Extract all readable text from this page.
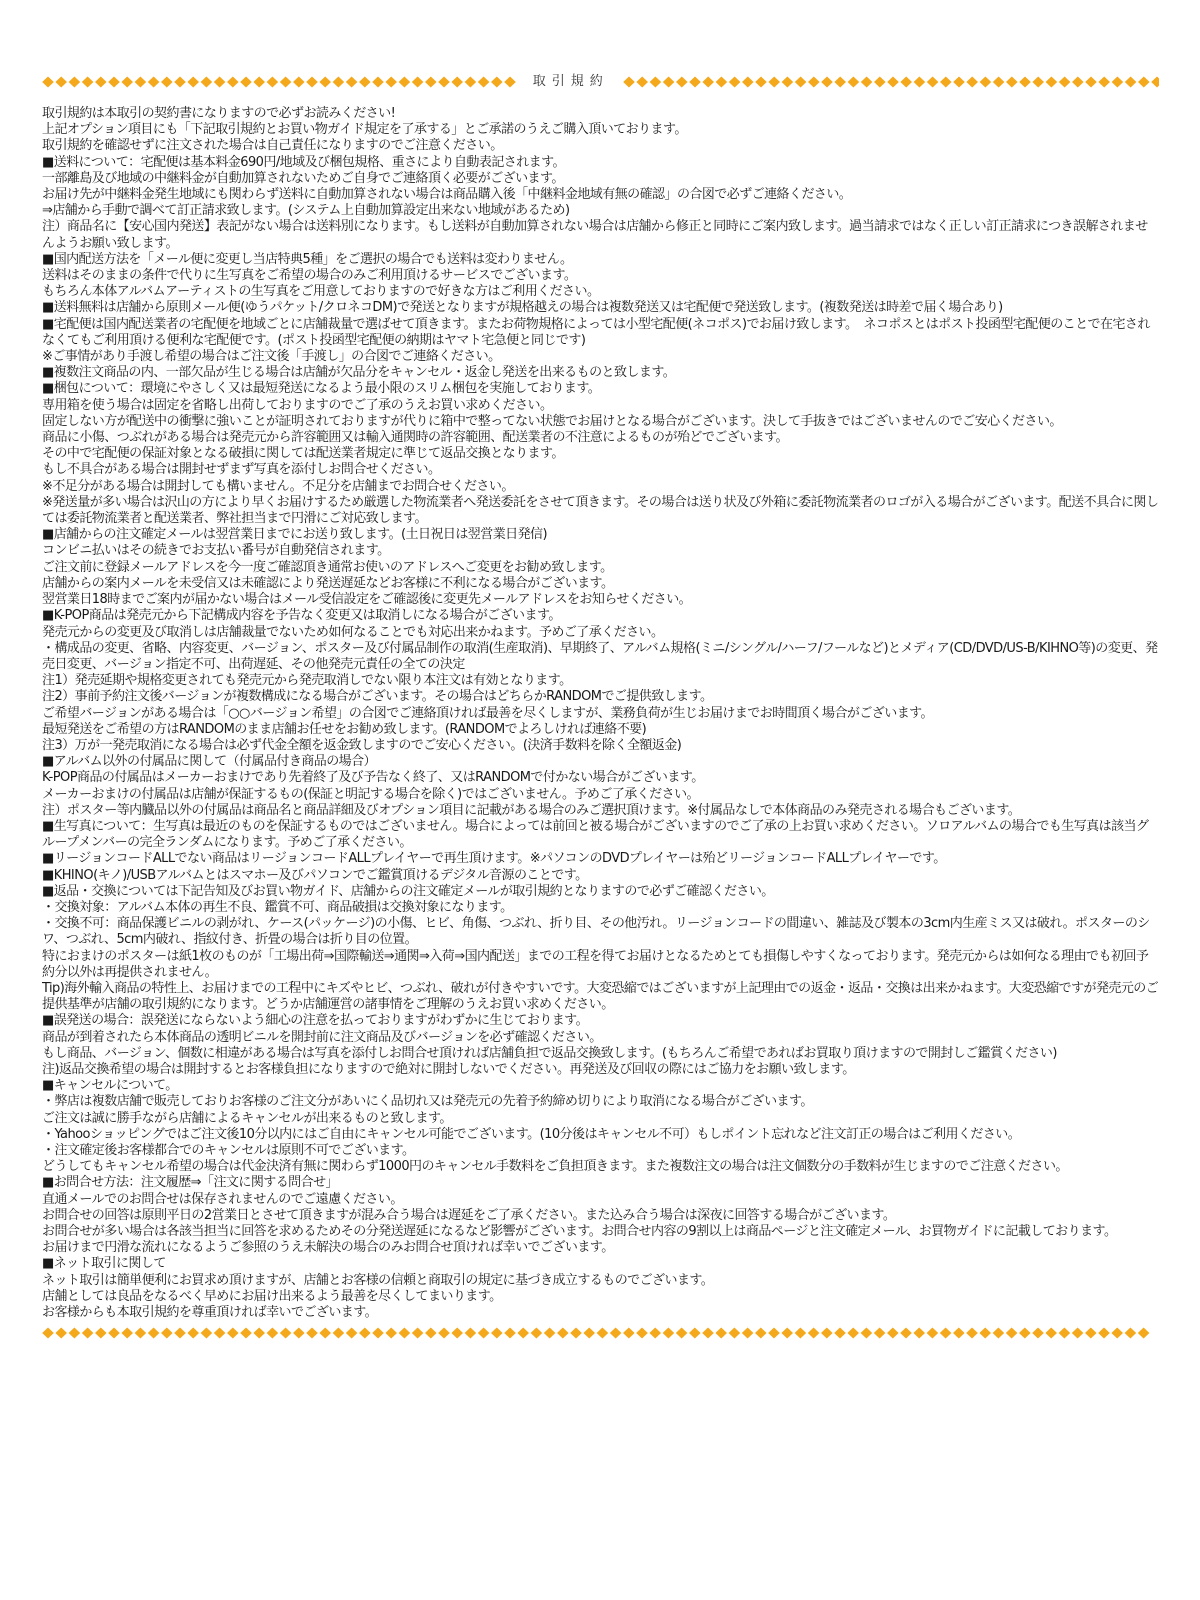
取引規約

取引規約は本取引の契約書になりますので必ずお読みください!

上記オプション項目にも「下記取引規約とお買い物ガイド規定を了承する」とご承諾のうえご購入頂いております。

取引規約を確認せずに注文された場合は自己責任になりますのでご注意ください。

■送料について：宅配便は基本料金690円/地域及び梱包規格、重さにより自動表記されます。

一部離島及び地域の中継料金が自動加算されないためご自身でご連絡頂く必要がございます。

お届け先が中継料金発生地域にも関わらず送料に自動加算されない場合は商品購入後「中継料金地域有無の確認」の合図で必ずご連絡ください。

⇒店舗から手動で調べて訂正請求致します。(システム上自動加算設定出来ない地域があるため)

注）商品名に【安心国内発送】表記がない場合は送料別になります。もし送料が自動加算されない場合は店舗から修正と同時にご案内致します。過当請求ではなく正しい訂正請求につき誤解されませんようお願い致します。

■国内配送方法を「メール便に変更し当店特典5種」をご選択の場合でも送料は変わりません。

送料はそのままの条件で代りに生写真をご希望の場合のみご利用頂けるサービスでございます。

もちろん本体アルバムアーティストの生写真をご用意しておりますので好きな方はご利用ください。

■送料無料は店舗から原則メール便(ゆうパケット/クロネコDM)で発送となりますが規格越えの場合は複数発送又は宅配便で発送致します。(複数発送は時差で届く場合あり)

■宅配便は国内配送業者の宅配便を地域ごとに店舗裁量で選ばせて頂きます。またお荷物規格によっては小型宅配便(ネコポス)でお届け致します。　ネコポスとはポスト投函型宅配便のことで在宅されなくてもご利用頂ける便利な宅配便です。(ポスト投函型宅配便の納期はヤマト宅急便と同じです)

※ご事情があり手渡し希望の場合はご注文後「手渡し」の合図でご連絡ください。

■複数注文商品の内、一部欠品が生じる場合は店舗が欠品分をキャンセル・返金し発送を出来るものと致します。

■梱包について：環境にやさしく又は最短発送になるよう最小限のスリム梱包を実施しております。

専用箱を使う場合は固定を省略し出荷しておりますのでご了承のうえお買い求めください。

固定しない方が配送中の衝撃に強いことが証明されておりますが代りに箱中で整ってない状態でお届けとなる場合がございます。決して手抜きではございませんのでご安心ください。

商品に小傷、つぶれがある場合は発売元から許容範囲又は輸入通関時の許容範囲、配送業者の不注意によるものが殆どでございます。

その中で宅配便の保証対象となる破損に関しては配送業者規定に準じて返品交換となります。

もし不具合がある場合は開封せずまず写真を添付しお問合せください。

※不足分がある場合は開封しても構いません。不足分を店舗までお問合せください。

※発送量が多い場合は沢山の方により早くお届けするため厳選した物流業者へ発送委託をさせて頂きます。その場合は送り状及び外箱に委託物流業者のロゴが入る場合がございます。配送不具合に関しては委託物流業者と配送業者、弊社担当まで円滑にご対応致します。

■店舗からの注文確定メールは翌営業日までにお送り致します。(土日祝日は翌営業日発信)

コンビニ払いはその続きでお支払い番号が自動発信されます。

ご注文前に登録メールアドレスを今一度ご確認頂き通常お使いのアドレスへご変更をお勧め致します。

店舗からの案内メールを未受信又は未確認により発送遅延などお客様に不利になる場合がございます。

翌営業日18時までご案内が届かない場合はメール受信設定をご確認後に変更先メールアドレスをお知らせください。

■K-POP商品は発売元から下記構成内容を予告なく変更又は取消しになる場合がございます。

発売元からの変更及び取消しは店舗裁量でないため如何なることでも対応出来かねます。予めご了承ください。

・構成品の変更、省略、内容変更、バージョン、ポスター及び付属品制作の取消(生産取消)、早期終了、アルバム規格(ミニ/シングル/ハーフ/フールなど)とメディア(CD/DVD/US-B/KIHNO等)の変更、発売日変更、バージョン指定不可、出荷遅延、その他発売元責任の全ての決定

注1）発売延期や規格変更されても発売元から発売取消しでない限り本注文は有効となります。

注2）事前予約注文後バージョンが複数構成になる場合がございます。その場合はどちらかRANDOMでご提供致します。

ご希望バージョンがある場合は「○○バージョン希望」の合図でご連絡頂ければ最善を尽くしますが、業務負荷が生じお届けまでお時間頂く場合がございます。

最短発送をご希望の方はRANDOMのまま店舗お任せをお勧め致します。(RANDOMでよろしければ連絡不要)

注3）万が一発売取消になる場合は必ず代金全額を返金致しますのでご安心ください。(決済手数料を除く全額返金)

■アルバム以外の付属品に関して（付属品付き商品の場合）

K-POP商品の付属品はメーカーおまけであり先着終了及び予告なく終了、又はRANDOMで付かない場合がございます。

メーカーおまけの付属品は店舗が保証するもの(保証と明記する場合を除く)ではございません。予めご了承ください。

注）ポスター等内臓品以外の付属品は商品名と商品詳細及びオプション項目に記載がある場合のみご選択頂けます。※付属品なしで本体商品のみ発売される場合もございます。

■生写真について：生写真は最近のものを保証するものではございません。場合によっては前回と被る場合がございますのでご了承の上お買い求めください。ソロアルバムの場合でも生写真は該当グループメンバーの完全ランダムになります。予めご了承ください。

■リージョンコードALLでない商品はリージョンコードALLプレイヤーで再生頂けます。※パソコンのDVDプレイヤーは殆どリージョンコードALLプレイヤーです。

■KHINO(キノ)/USBアルバムとはスマホー及びパソコンでご鑑賞頂けるデジタル音源のことです。

■返品・交換については下記告知及びお買い物ガイド、店舗からの注文確定メールが取引規約となりますので必ずご確認ください。

・交換対象：アルバム本体の再生不良、鑑賞不可、商品破損は交換対象になります。

・交換不可：商品保護ビニルの剥がれ、ケース(パッケージ)の小傷、ヒビ、角傷、つぶれ、折り目、その他汚れ。リージョンコードの間違い、雑誌及び製本の3cm内生産ミス又は破れ。ポスターのシワ、つぶれ、5cm内破れ、指紋付き、折畳の場合は折り目の位置。

特におまけのポスターは紙1枚のものが「工場出荷⇒国際輸送⇒通関⇒入荷⇒国内配送」までの工程を得てお届けとなるためとても損傷しやすくなっております。発売元からは如何なる理由でも初回予約分以外は再提供されません。

Tip)海外輸入商品の特性上、お届けまでの工程中にキズやヒビ、つぶれ、破れが付きやすいです。大変恐縮ではございますが上記理由での返金・返品・交換は出来かねます。大変恐縮ですが発売元のご提供基準が店舗の取引規約になります。どうか店舗運営の諸事情をご理解のうえお買い求めください。

■誤発送の場合：誤発送にならないよう細心の注意を払っておりますがわずかに生じております。

商品が到着されたら本体商品の透明ビニルを開封前に注文商品及びバージョンを必ず確認ください。

もし商品、バージョン、個数に相違がある場合は写真を添付しお問合せ頂ければ店舗負担で返品交換致します。(もちろんご希望であればお買取り頂けますので開封しご鑑賞ください)

注)返品交換希望の場合は開封するとお客様負担になりますので絶対に開封しないでください。再発送及び回収の際にはご協力をお願い致します。

■キャンセルについて。

・弊店は複数店舗で販売しておりお客様のご注文分があいにく品切れ又は発売元の先着予約締め切りにより取消になる場合がございます。

ご注文は誠に勝手ながら店舗によるキャンセルが出来るものと致します。

・Yahooショッピングではご注文後10分以内にはご自由にキャンセル可能でございます。(10分後はキャンセル不可）もしポイント忘れなど注文訂正の場合はご利用ください。

・注文確定後お客様都合でのキャンセルは原則不可でございます。

どうしてもキャンセル希望の場合は代金決済有無に関わらず1000円のキャンセル手数料をご負担頂きます。また複数注文の場合は注文個数分の手数料が生じますのでご注意ください。

■お問合せ方法：注文履歴⇒「注文に関する問合せ」

直通メールでのお問合せは保存されませんのでご遠慮ください。

お問合せの回答は原則平日の2営業日とさせて頂きますが混み合う場合は遅延をご了承ください。また込み合う場合は深夜に回答する場合がございます。

お問合せが多い場合は各該当担当に回答を求めるためその分発送遅延になるなど影響がございます。お問合せ内容の9割以上は商品ページと注文確定メール、お買物ガイドに記載しております。

お届けまで円滑な流れになるようご参照のうえ未解決の場合のみお問合せ頂ければ幸いでございます。

■ネット取引に関して

ネット取引は簡単便利にお買求め頂けますが、店舗とお客様の信頼と商取引の規定に基づき成立するものでございます。

店舗としては良品をなるべく早めにお届け出来るよう最善を尽くしてまいります。

お客様からも本取引規約を尊重頂ければ幸いでございます。
